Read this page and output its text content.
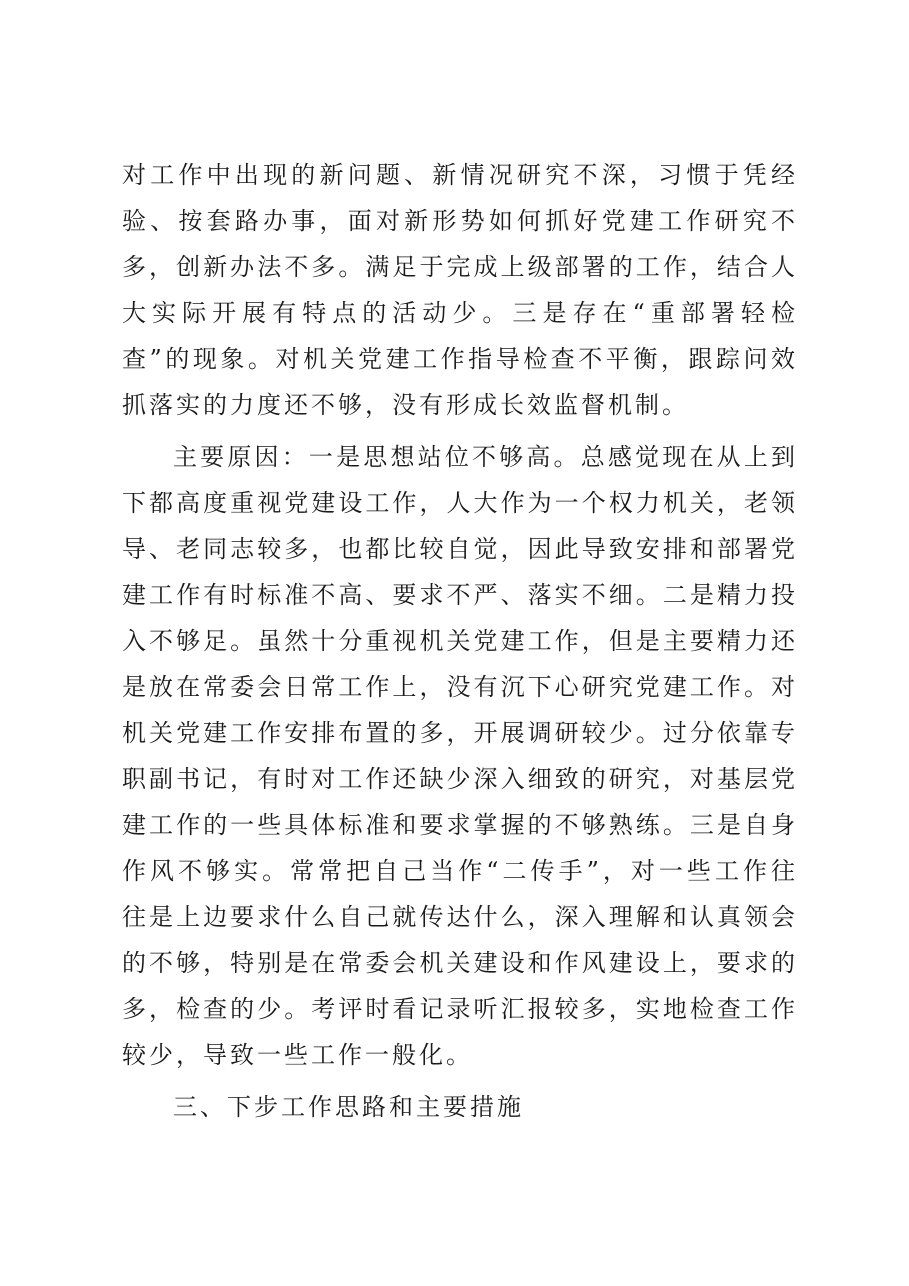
对工作中出现的新问题、新情况研究不深，习惯于凭经验、按套路办事，面对新形势如何抓好党建工作研究不多，创新办法不多。满足于完成上级部署的工作，结合人大实际开展有特点的活动少。三是存在“重部署轻检查”的现象。对机关党建工作指导检查不平衡，跟踪问效抓落实的力度还不够，没有形成长效监督机制。

主要原因：一是思想站位不够高。总感觉现在从上到下都高度重视党建设工作，人大作为一个权力机关，老领导、老同志较多，也都比较自觉，因此导致安排和部署党建工作有时标准不高、要求不严、落实不细。二是精力投入不够足。虽然十分重视机关党建工作，但是主要精力还是放在常委会日常工作上，没有沉下心研究党建工作。对机关党建工作安排布置的多，开展调研较少。过分依靠专职副书记，有时对工作还缺少深入细致的研究，对基层党建工作的一些具体标准和要求掌握的不够熟练。三是自身作风不够实。常常把自己当作“二传手”，对一些工作往往是上边要求什么自己就传达什么，深入理解和认真领会的不够，特别是在常委会机关建设和作风建设上，要求的多，检查的少。考评时看记录听汇报较多，实地检查工作较少，导致一些工作一般化。

三、下步工作思路和主要措施
